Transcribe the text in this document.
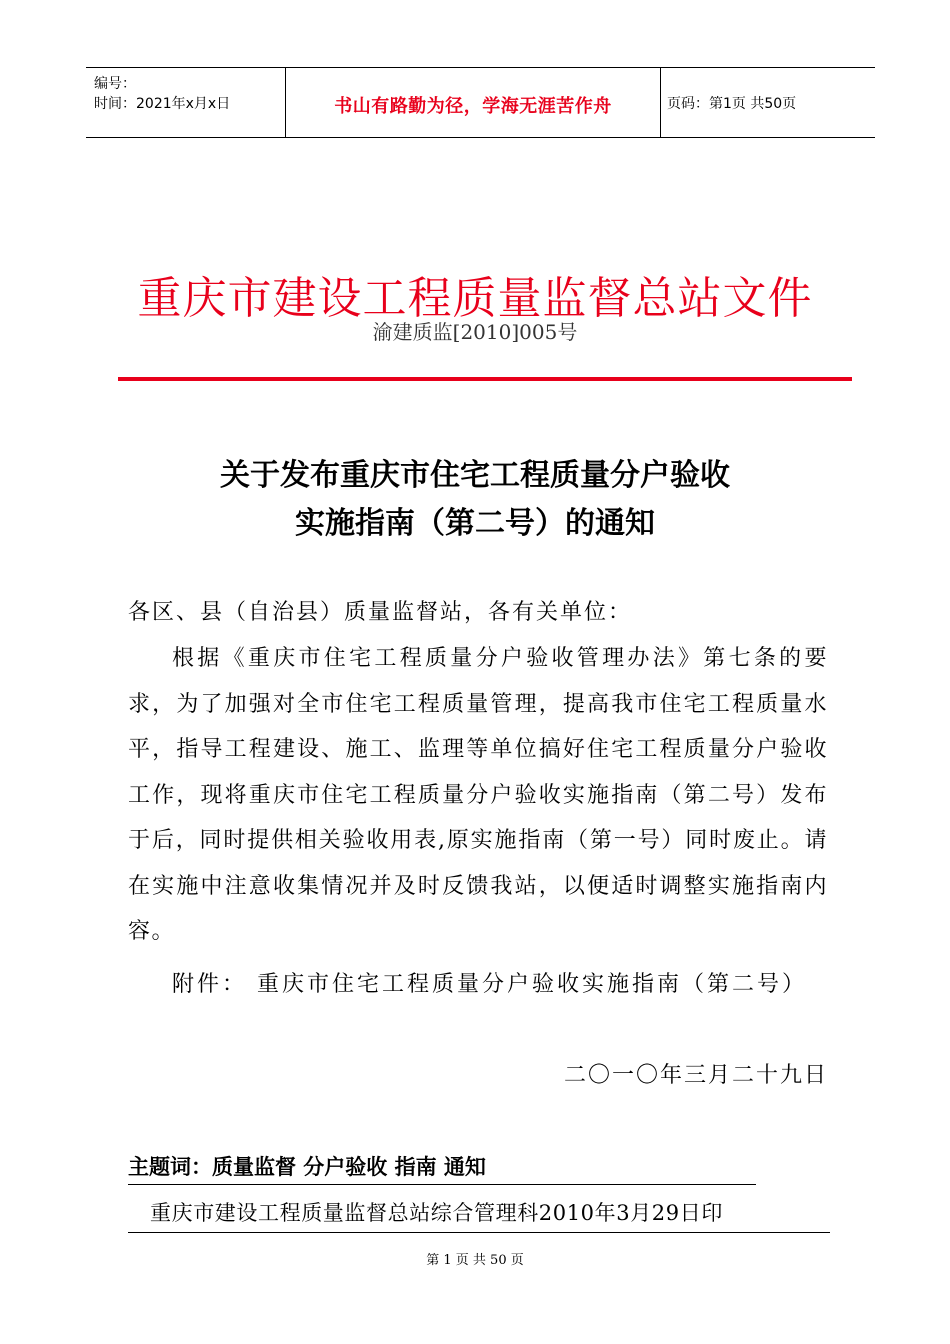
编号：
时间：2021年x月x日	书山有路勤为径，学海无涯苦作舟	页码：第1页 共50页
重庆市建设工程质量监督总站文件
渝建质监[2010]005号
关于发布重庆市住宅工程质量分户验收
实施指南（第二号）的通知
各区、县（自治县）质量监督站，各有关单位：
根据《重庆市住宅工程质量分户验收管理办法》第七条的要求，为了加强对全市住宅工程质量管理，提高我市住宅工程质量水平，指导工程建设、施工、监理等单位搞好住宅工程质量分户验收工作，现将重庆市住宅工程质量分户验收实施指南（第二号）发布于后，同时提供相关验收用表,原实施指南（第一号）同时废止。请在实施中注意收集情况并及时反馈我站，以便适时调整实施指南内容。
附件： 重庆市住宅工程质量分户验收实施指南（第二号）
二〇一〇年三月二十九日
主题词：质量监督 分户验收 指南 通知
重庆市建设工程质量监督总站综合管理科2010年3月29日印
第 1 页 共 50 页
